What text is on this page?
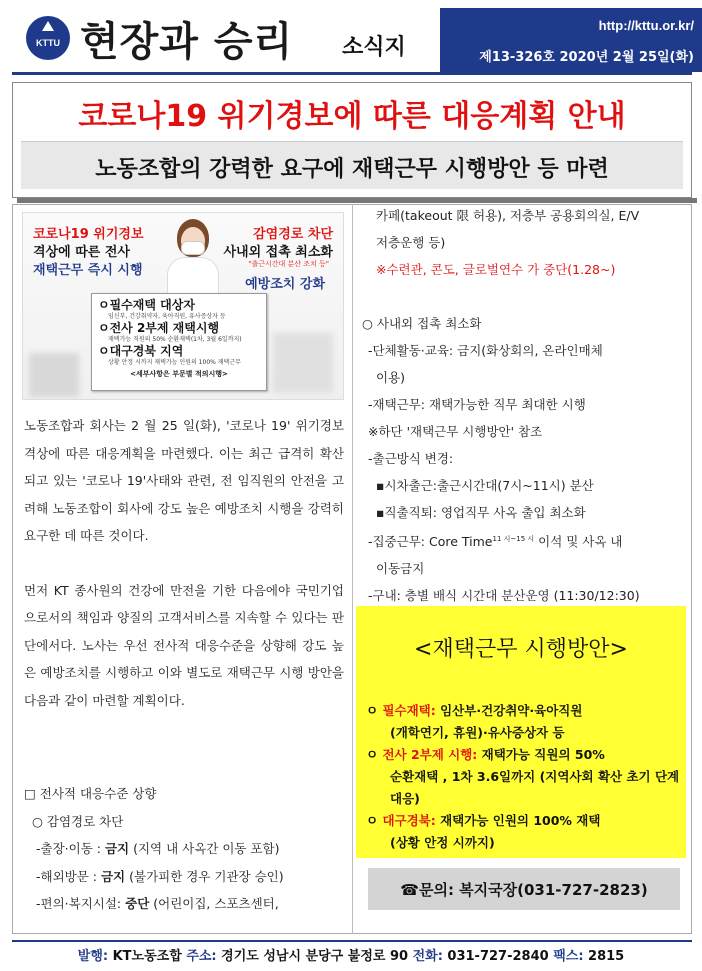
KTTU 현장과 승리 소식지
http://kttu.or.kr/
제13-326호 2020년 2월 25일(화)
코로나19 위기경보에 따른 대응계획 안내
노동조합의 강력한 요구에 재택근무 시행방안 등 마련
코로나19 위기경보
격상에 따른 전사
재택근무 즉시 시행
감염경로 차단
사내외 접촉 최소화
"출근시간대 분산 조치 등"
예방조치 강화
ㅇ필수재택 대상자
임신부, 건강취약자, 육아직원, 유사증상자 등
ㅇ전사 2부제 재택시행
재택가능 직원의 50% 순환재택(1차, 3월 6일까지)
ㅇ대구경북 지역
상황 안정 시까지 재택가능 인원의 100% 재택근무
<세부사항은 부문별 적의시행>

노동조합과 회사는 2 월 25 일(화), '코로나 19' 위기경보 격상에 따른 대응계획을 마련했다. 이는 최근 급격히 확산되고 있는 '코로나 19'사태와 관련, 전 임직원의 안전을 고려해 노동조합이 회사에 강도 높은 예방조치 시행을 강력히 요구한 데 따른 것이다.

먼저 KT 종사원의 건강에 만전을 기한 다음에야 국민기업으로서의 책임과 양질의 고객서비스를 지속할 수 있다는 판단에서다. 노사는 우선 전사적 대응수준을 상향해 강도 높은 예방조치를 시행하고 이와 별도로 재택근무 시행 방안을 다음과 같이 마련할 계획이다.

□ 전사적 대응수준 상향
○ 감염경로 차단
-출장·이동 : 금지 (지역 내 사옥간 이동 포함)
-해외방문 : 금지 (불가피한 경우 기관장 승인)
-편의·복지시설: 중단 (어린이집, 스포츠센터,
카페(takeout 限 허용), 저층부 공용회의실, E/V
저층운행 등)
※수련관, 콘도, 글로벌연수 가 중단(1.28~)
○ 사내외 접촉 최소화
-단체활동·교육: 금지(화상회의, 온라인매체
이용)
-재택근무: 재택가능한 직무 최대한 시행
※하단 '재택근무 시행방안' 참조
-출근방식 변경:
▪시차출근:출근시간대(7시~11시) 분산
▪직출직퇴: 영업직무 사옥 출입 최소화
-집중근무: Core Time$^{11 시\sim 15 시}$ 이석 및 사옥 내
이동금지
-구내: 층별 배식 시간대 분산운영 (11:30/12:30)
<재택근무 시행방안>
ㅇ 필수재택: 임산부·건강취약·육아직원
(개학연기, 휴원)·유사증상자 등
ㅇ 전사 2부제 시행: 재택가능 직원의 50%
순환재택 , 1차 3.6일까지 (지역사회 확산 초기 단계 대응)
ㅇ 대구경북: 재택가능 인원의 100% 재택
(상황 안정 시까지)
☎문의: 복지국장(031-727-2823)
발행: KT노동조합 주소: 경기도 성남시 분당구 불정로 90 전화: 031-727-2840 팩스: 2815
